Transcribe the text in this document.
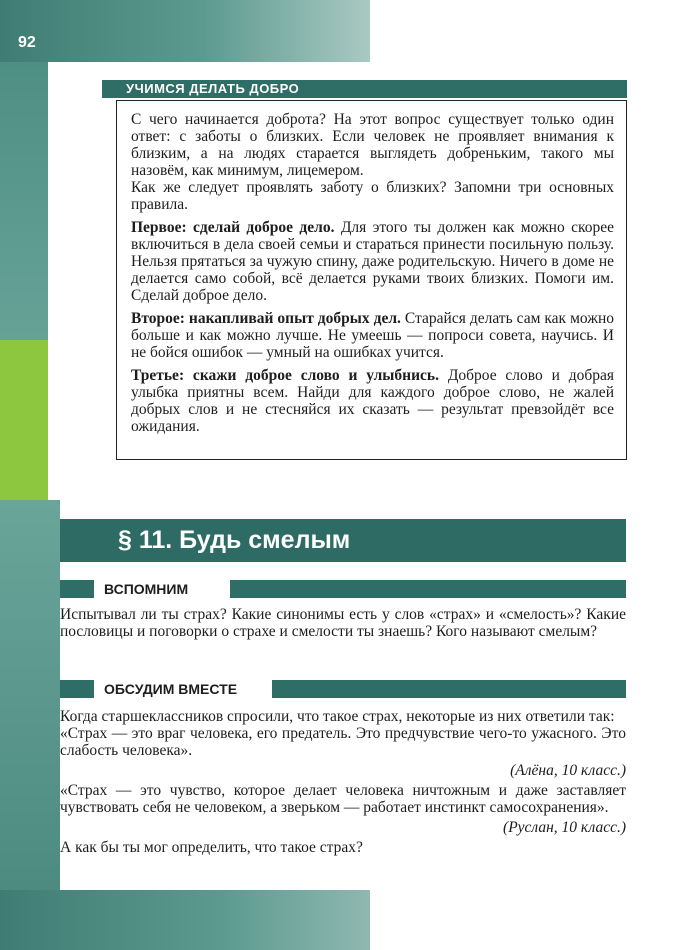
92
УЧИМСЯ ДЕЛАТЬ ДОБРО

С чего начинается доброта? На этот вопрос существует только один ответ: с заботы о близких. Если человек не проявляет внимания к близким, а на людях старается выглядеть добреньким, такого мы назовём, как минимум, лицемером.

Как же следует проявлять заботу о близких? Запомни три основных правила.

Первое: сделай доброе дело. Для этого ты должен как можно скорее включиться в дела своей семьи и стараться принести посильную пользу. Нельзя прятаться за чужую спину, даже родительскую. Ничего в доме не делается само собой, всё делается руками твоих близких. Помоги им. Сделай доброе дело.

Второе: накапливай опыт добрых дел. Старайся делать сам как можно больше и как можно лучше. Не умеешь — попроси совета, научись. И не бойся ошибок — умный на ошибках учится.

Третье: скажи доброе слово и улыбнись. Доброе слово и добрая улыбка приятны всем. Найди для каждого доброе слово, не жалей добрых слов и не стесняйся их сказать — результат превзойдёт все ожидания.

§ 11. Будь смелым
ВСПОМНИМ

Испытывал ли ты страх? Какие синонимы есть у слов «страх» и «смелость»? Какие пословицы и поговорки о страхе и смелости ты знаешь? Кого называют смелым?

ОБСУДИМ ВМЕСТЕ

Когда старшеклассников спросили, что такое страх, некоторые из них ответили так:

«Страх — это враг человека, его предатель. Это предчувствие чего-то ужасного. Это слабость человека».

(Алёна, 10 класс.)

«Страх — это чувство, которое делает человека ничтожным и даже заставляет чувствовать себя не человеком, а зверьком — работает инстинкт самосохранения».

(Руслан, 10 класс.)

А как бы ты мог определить, что такое страх?
